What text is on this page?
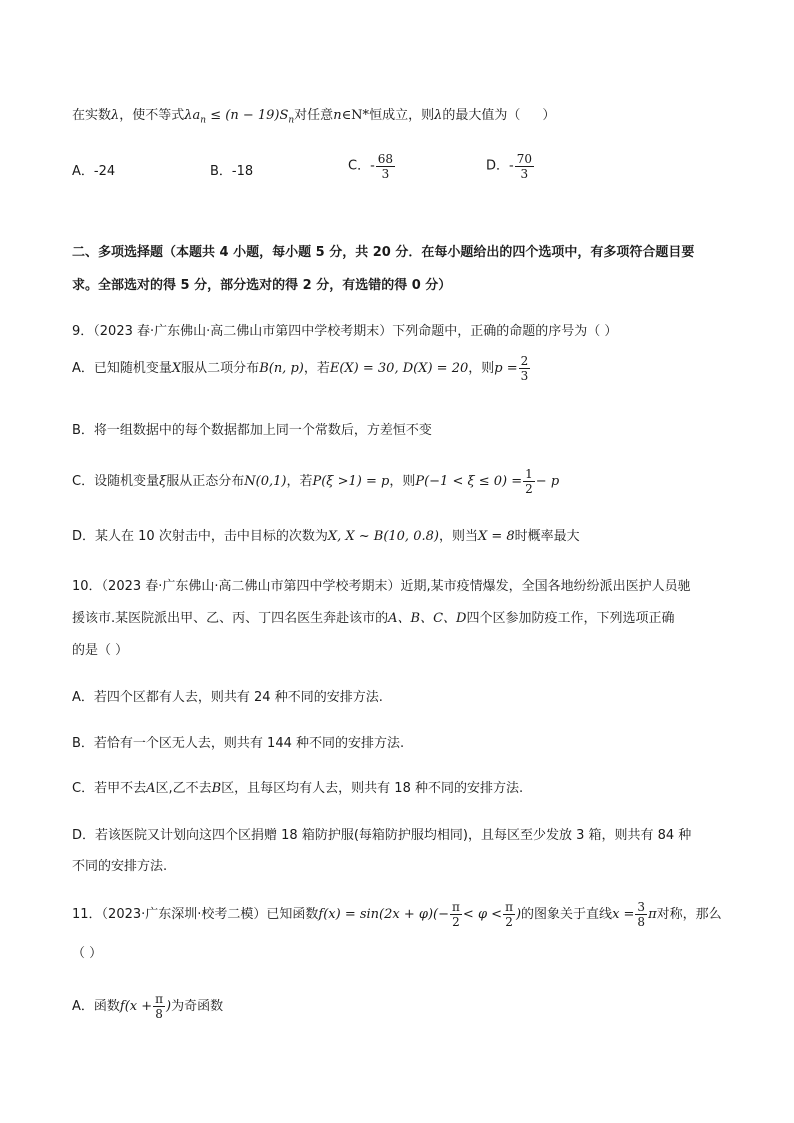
在实数λ，使不等式$\lambda a_n \le (n - 19)S_n$对任意n∈N*恒成立，则λ的最大值为（ ）
A．-24	B．-18	C．- $\frac{68}{3}$	D．- $\frac{70}{3}$
二、多项选择题（本题共 4 小题，每小题 5 分，共 20 分．在每小题给出的四个选项中，有多项符合题目要
求。全部选对的得 5 分，部分选对的得 2 分，有选错的得 0 分）
9．（2023 春·广东佛山·高二佛山市第四中学校考期末）下列命题中，正确的命题的序号为（ ）
A．已知随机变量X服从二项分布B(n, p)，若E(X) = 30, D(X) = 20，则$p = \frac{2}{3}$
B．将一组数据中的每个数据都加上同一个常数后，方差恒不变
C．设随机变量ξ服从正态分布N(0,1)，若P(ξ >1) = p，则$P(-1 < \xi \le 0) = \frac{1}{2} - p$
D．某人在 10 次射击中，击中目标的次数为X, X ~ B(10, 0.8)，则当X = 8时概率最大
10．（2023 春·广东佛山·高二佛山市第四中学校考期末）近期,某市疫情爆发，全国各地纷纷派出医护人员驰
援该市.某医院派出甲、乙、丙、丁四名医生奔赴该市的A、B、C、D四个区参加防疫工作，下列选项正确
的是（ ）
A．若四个区都有人去，则共有 24 种不同的安排方法.
B．若恰有一个区无人去，则共有 144 种不同的安排方法.
C．若甲不去A区,乙不去B区，且每区均有人去，则共有 18 种不同的安排方法.
D．若该医院又计划向这四个区捐赠 18 箱防护服(每箱防护服均相同)，且每区至少发放 3 箱，则共有 84 种
不同的安排方法.
11．（2023·广东深圳·校考二模）已知函数$f(x) = \sin(2x + \varphi)(- \frac{\pi}{2} < \varphi < \frac{\pi}{2}$ )的图象关于直线$x = \frac{3}{8}$ π对称，那么
（ ）
A．函数$f(x + \frac{\pi}{8}$ )为奇函数
